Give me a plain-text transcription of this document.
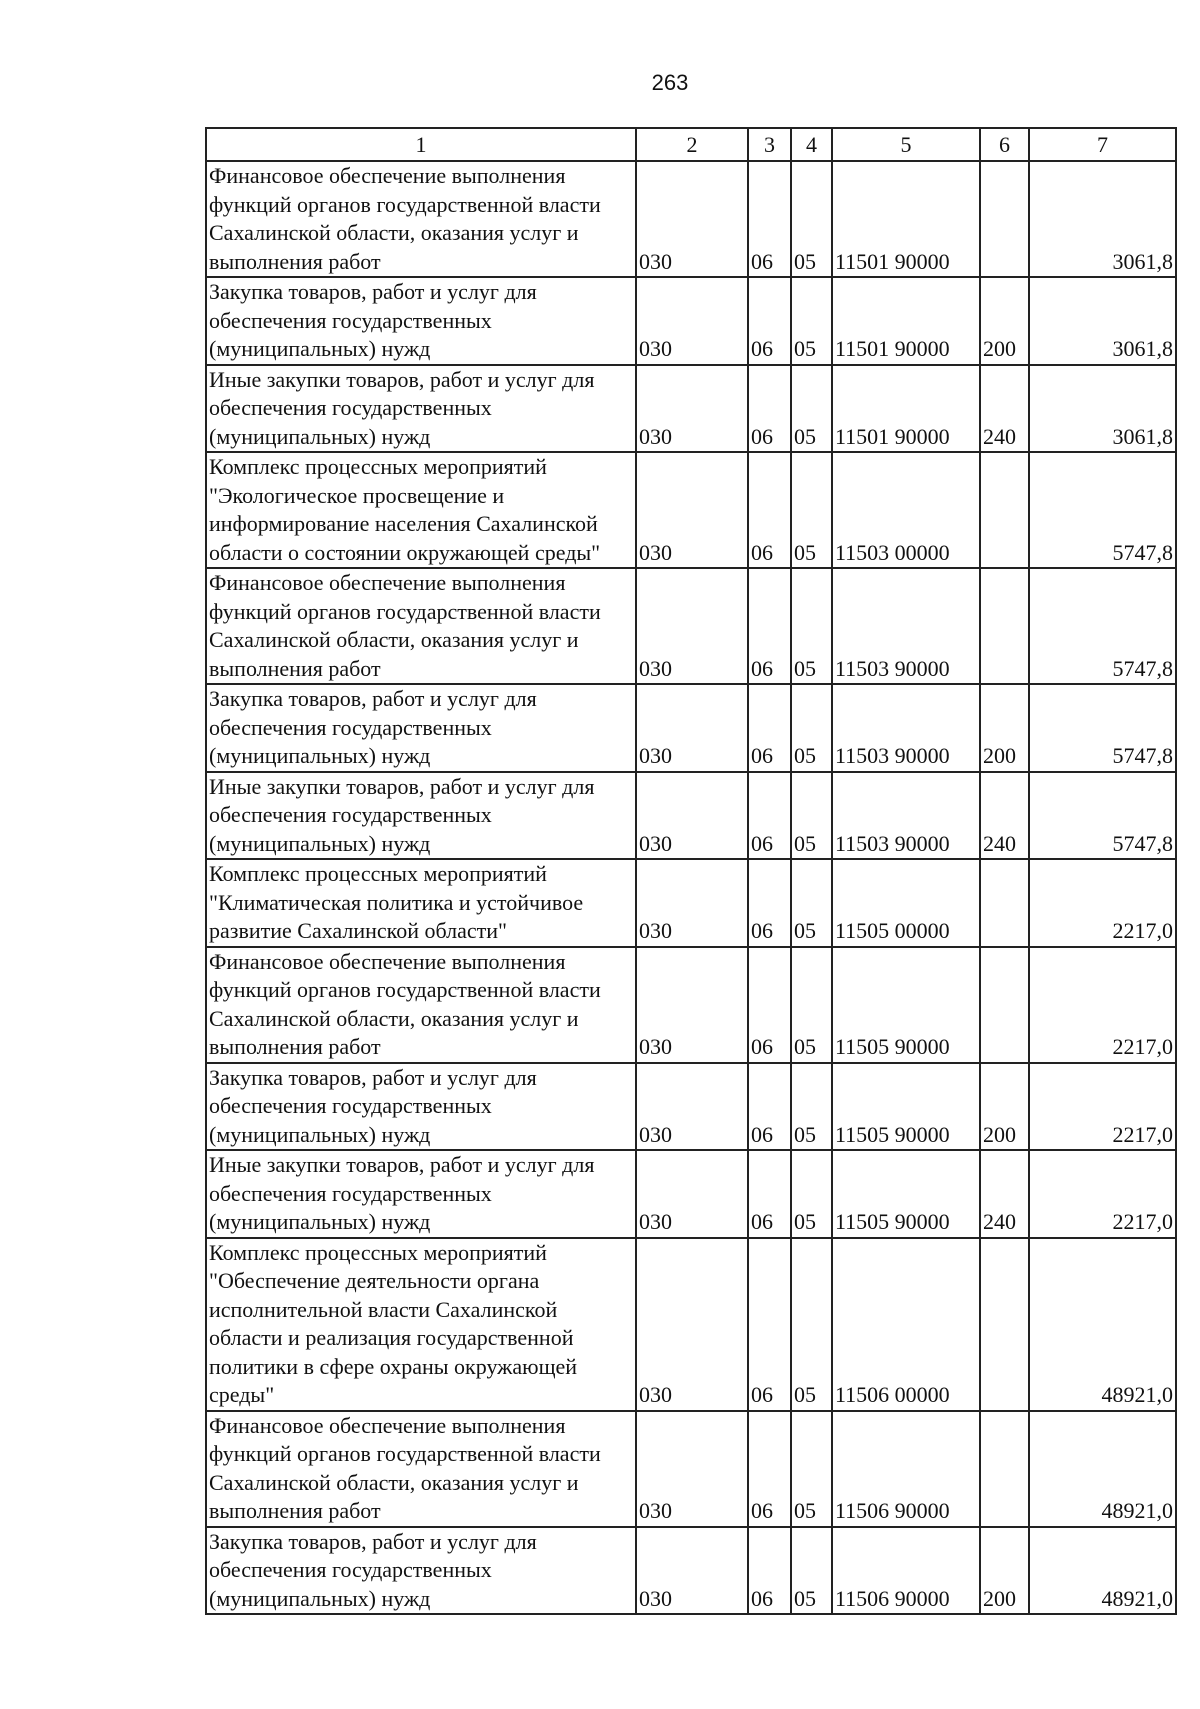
263
1	2	3	4	5	6	7
Финансовое обеспечение выполнения функций органов государственной власти Сахалинской области, оказания услуг и выполнения работ	030	06	05	11501 90000		3061,8
Закупка товаров, работ и услуг для обеспечения государственных (муниципальных) нужд	030	06	05	11501 90000	200	3061,8
Иные закупки товаров, работ и услуг для обеспечения государственных (муниципальных) нужд	030	06	05	11501 90000	240	3061,8
Комплекс процессных мероприятий "Экологическое просвещение и информирование населения Сахалинской области о состоянии окружающей среды"	030	06	05	11503 00000		5747,8
Финансовое обеспечение выполнения функций органов государственной власти Сахалинской области, оказания услуг и выполнения работ	030	06	05	11503 90000		5747,8
Закупка товаров, работ и услуг для обеспечения государственных (муниципальных) нужд	030	06	05	11503 90000	200	5747,8
Иные закупки товаров, работ и услуг для обеспечения государственных (муниципальных) нужд	030	06	05	11503 90000	240	5747,8
Комплекс процессных мероприятий "Климатическая политика и устойчивое развитие Сахалинской области"	030	06	05	11505 00000		2217,0
Финансовое обеспечение выполнения функций органов государственной власти Сахалинской области, оказания услуг и выполнения работ	030	06	05	11505 90000		2217,0
Закупка товаров, работ и услуг для обеспечения государственных (муниципальных) нужд	030	06	05	11505 90000	200	2217,0
Иные закупки товаров, работ и услуг для обеспечения государственных (муниципальных) нужд	030	06	05	11505 90000	240	2217,0
Комплекс процессных мероприятий "Обеспечение деятельности органа исполнительной власти Сахалинской области и реализация государственной политики в сфере охраны окружающей среды"	030	06	05	11506 00000		48921,0
Финансовое обеспечение выполнения функций органов государственной власти Сахалинской области, оказания услуг и выполнения работ	030	06	05	11506 90000		48921,0
Закупка товаров, работ и услуг для обеспечения государственных (муниципальных) нужд	030	06	05	11506 90000	200	48921,0
